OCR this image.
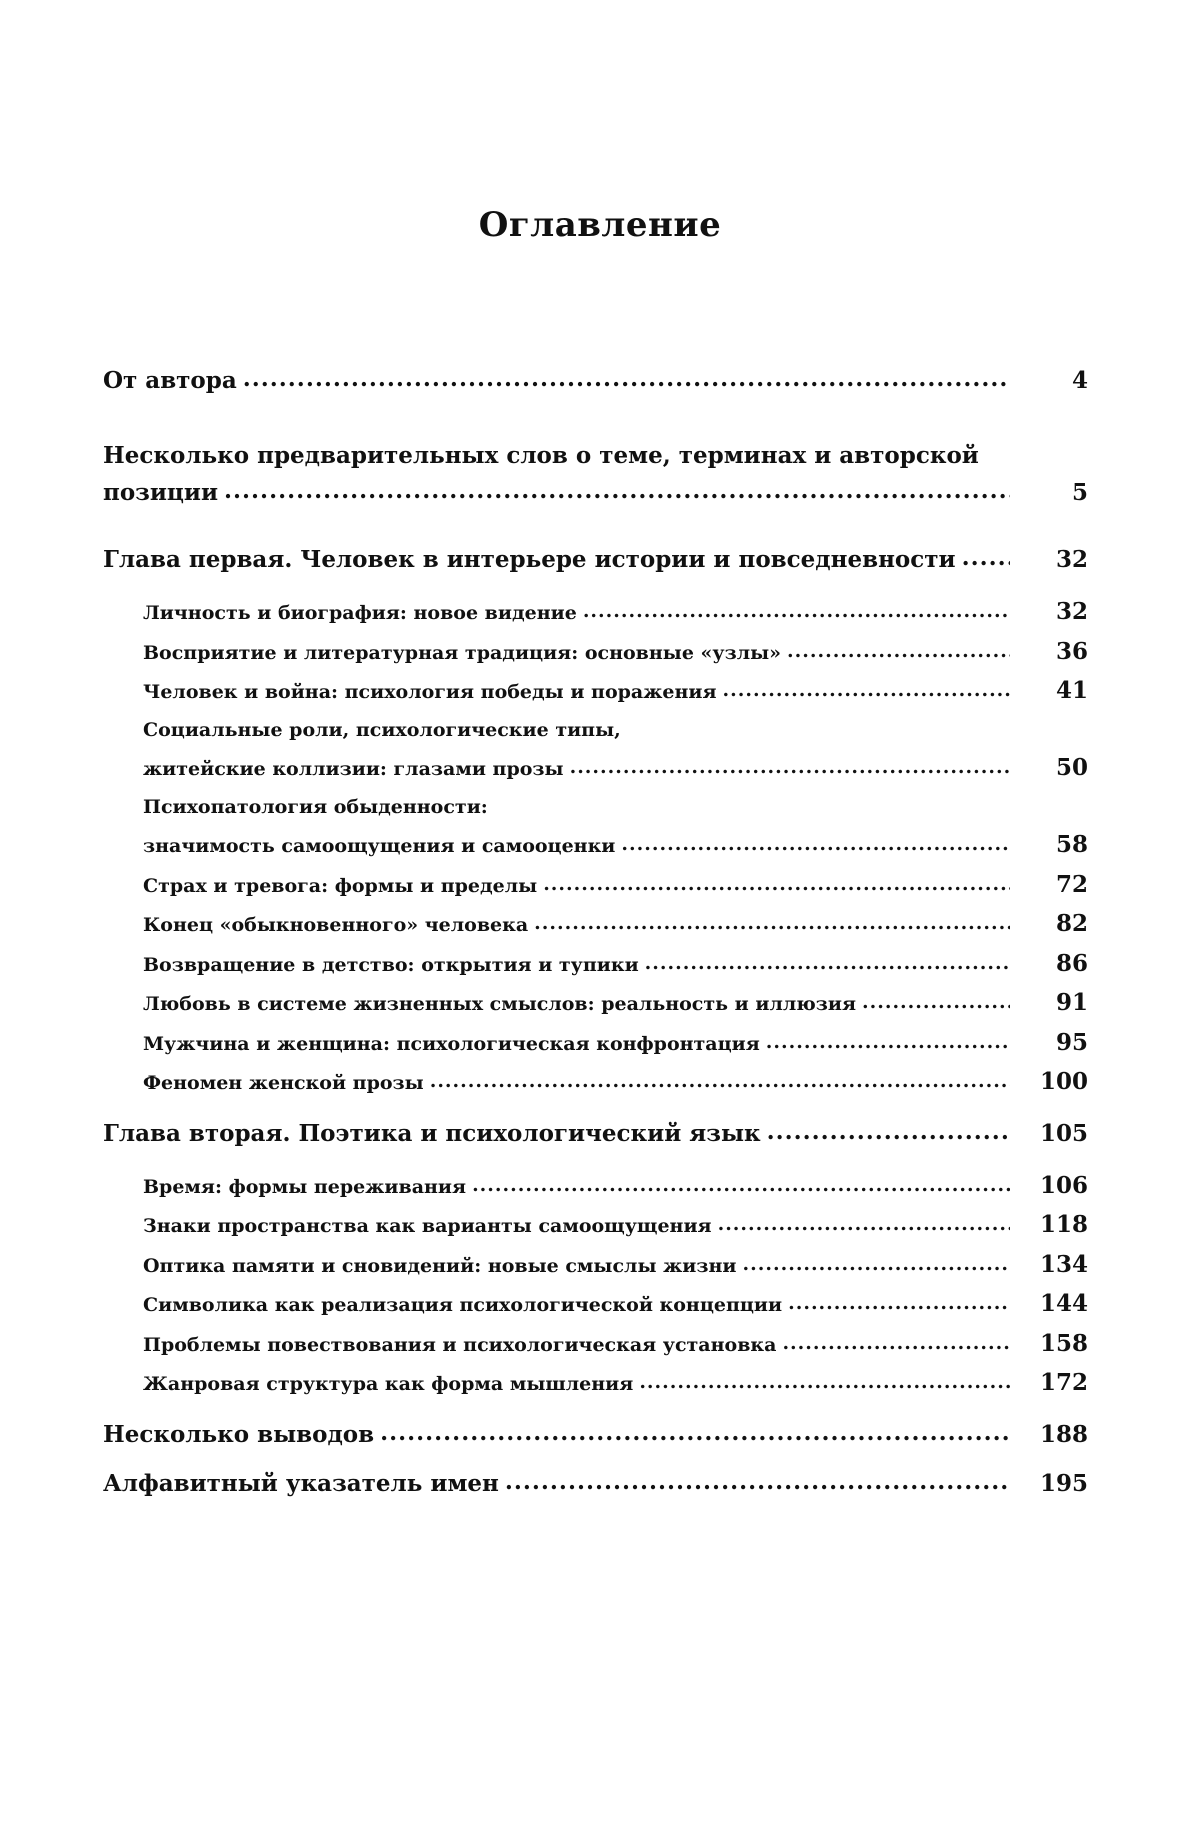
Оглавление
От автора .....	4
Несколько предварительных слов о теме, терминах и авторской
позиции .....	5
Глава первая. Человек в интерьере истории и повседневности .....	32
Личность и биография: новое видение .....	32
Восприятие и литературная традиция: основные «узлы» .....	36
Человек и война: психология победы и поражения .....	41
Социальные роли, психологические типы,
житейские коллизии: глазами прозы .....	50
Психопатология обыденности:
значимость самоощущения и самооценки .....	58
Страх и тревога: формы и пределы .....	72
Конец «обыкновенного» человека .....	82
Возвращение в детство: открытия и тупики .....	86
Любовь в системе жизненных смыслов: реальность и иллюзия .....	91
Мужчина и женщина: психологическая конфронтация .....	95
Феномен женской прозы .....	100
Глава вторая. Поэтика и психологический язык .....	105
Время: формы переживания .....	106
Знаки пространства как варианты самоощущения .....	118
Оптика памяти и сновидений: новые смыслы жизни .....	134
Символика как реализация психологической концепции .....	144
Проблемы повествования и психологическая установка .....	158
Жанровая структура как форма мышления .....	172
Несколько выводов .....	188
Алфавитный указатель имен .....	195
